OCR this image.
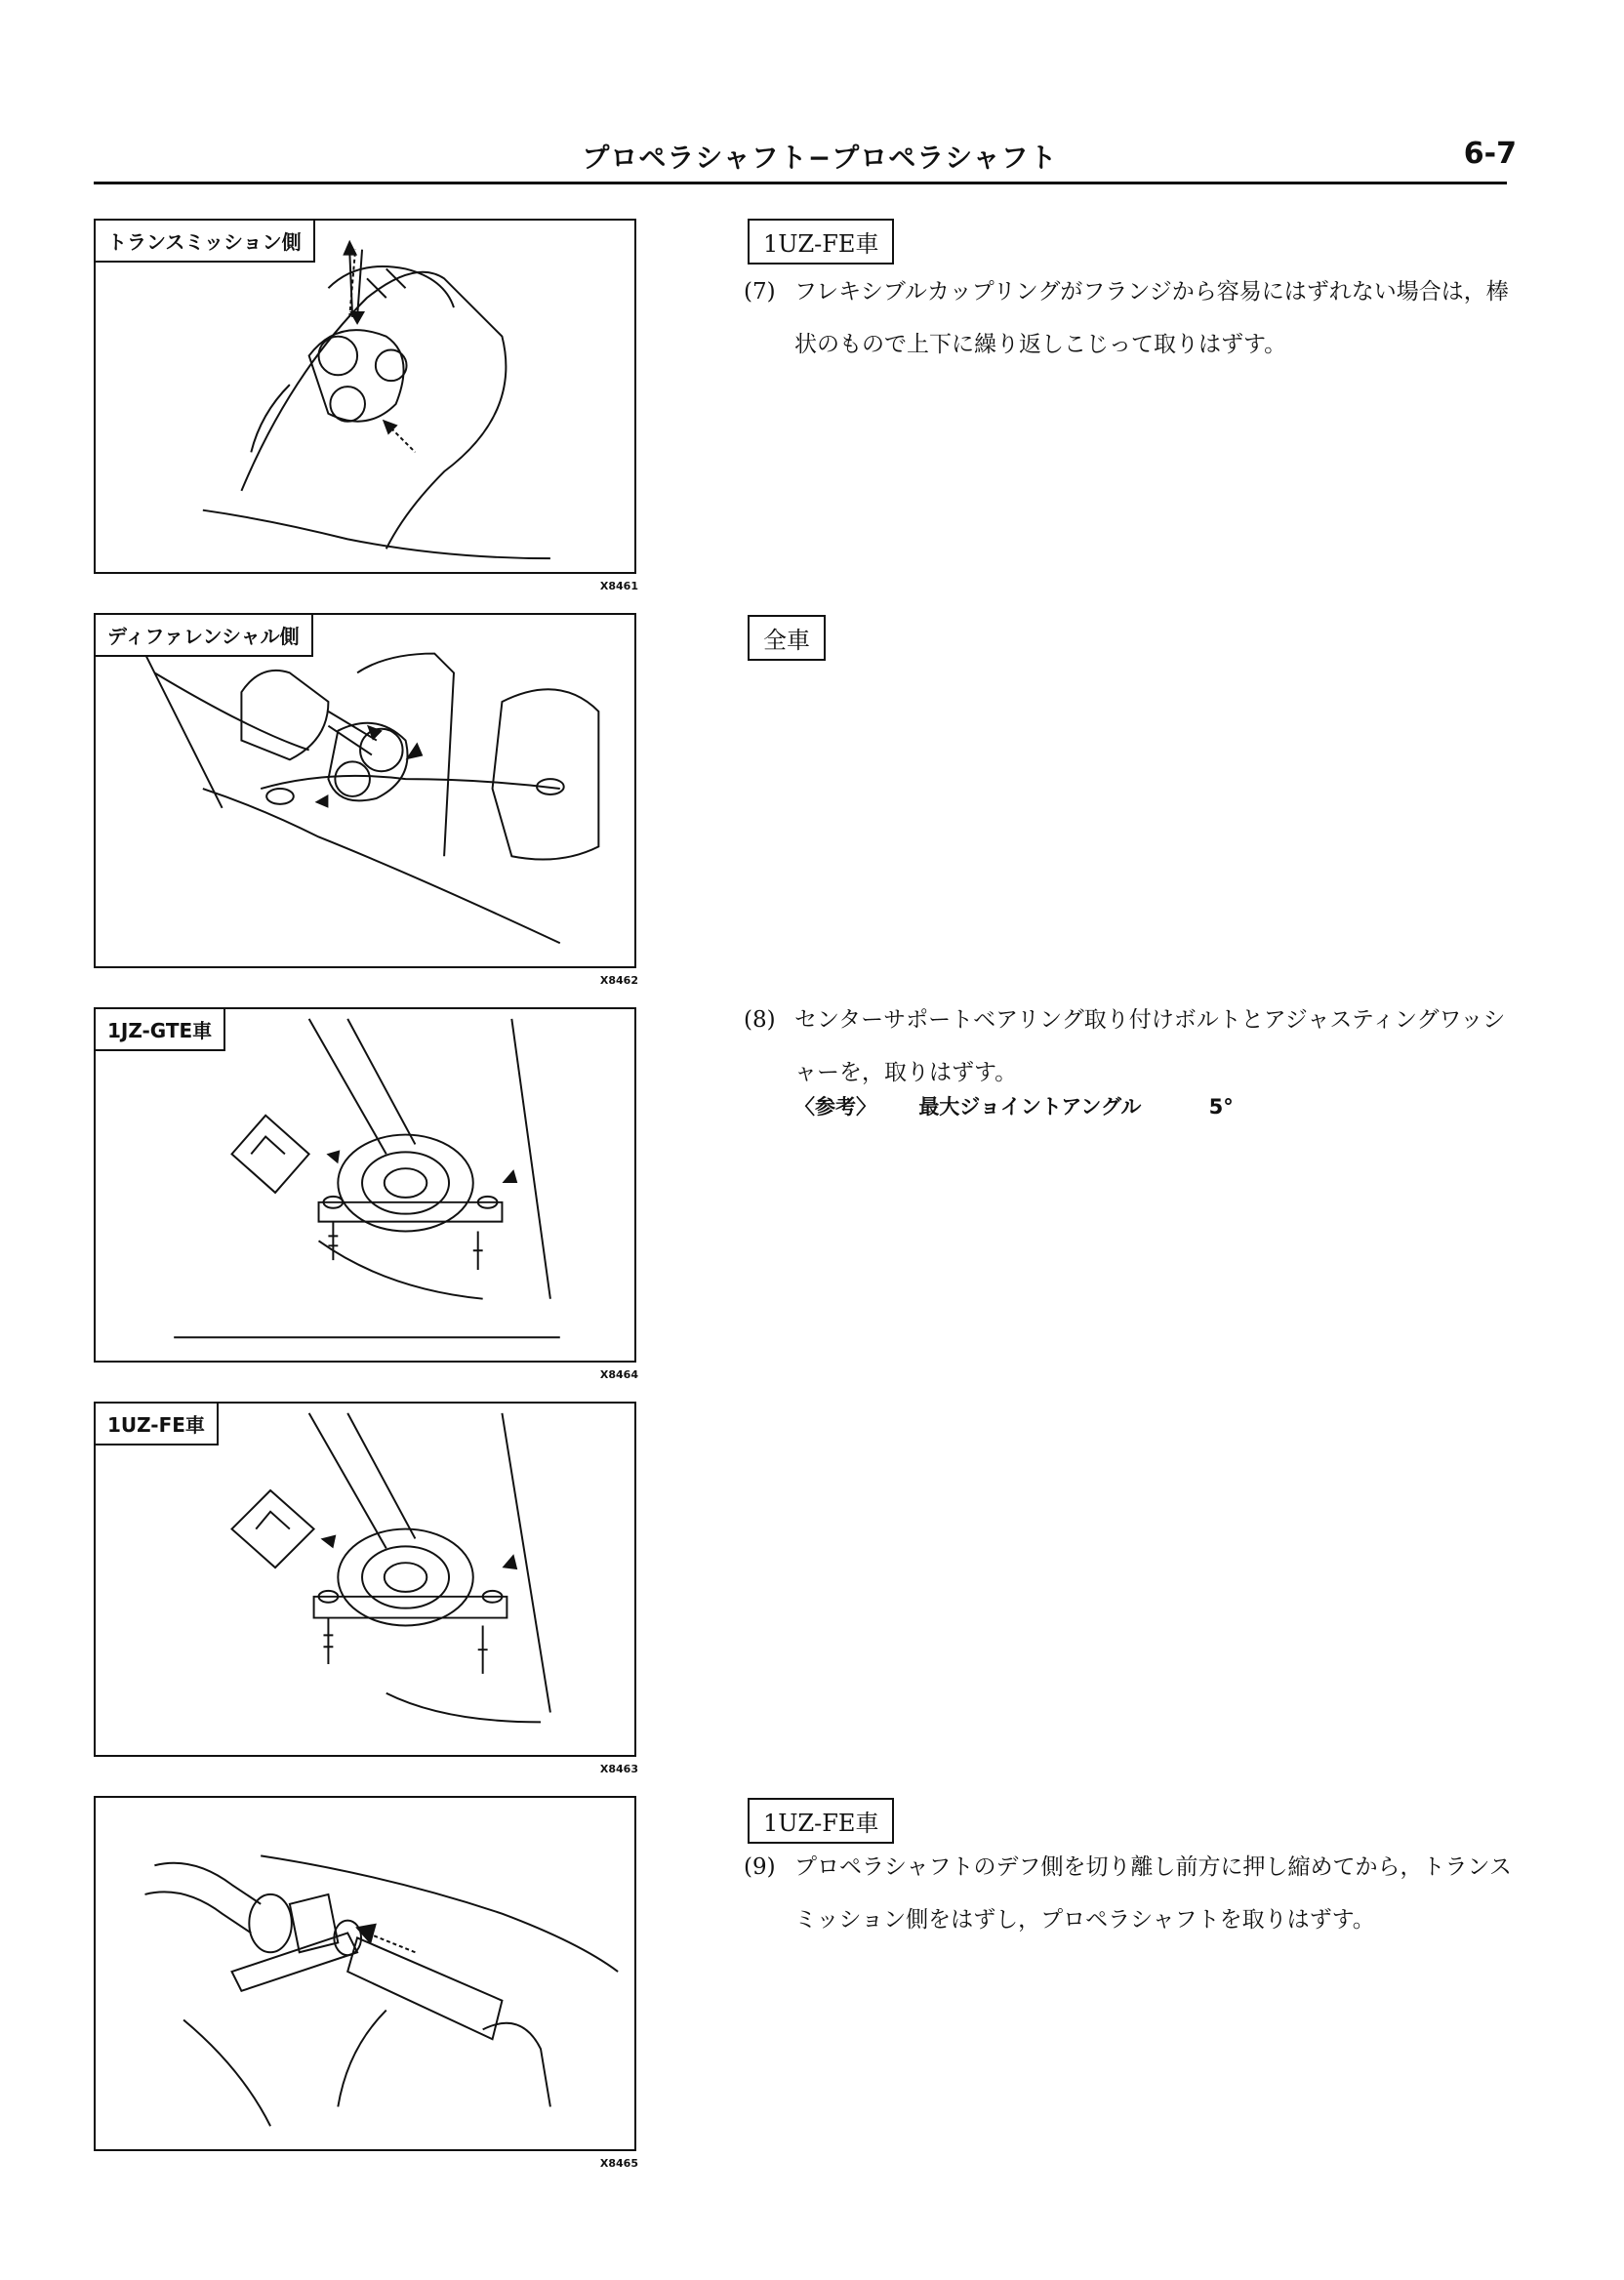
プロペラシャフト−プロペラシャフト	6-7
トランスミッション側
X8461
ディファレンシャル側
X8462
1JZ-GTE車
X8464
1UZ-FE車
X8463
X8465
1UZ-FE車
(7) フレキシブルカップリングがフランジから容易にはずれない場合は，棒状のもので上下に繰り返しこじって取りはずす。
全車
(8) センターサポートベアリング取り付けボルトとアジャスティングワッシャーを，取りはずす。
〈参考〉 最大ジョイントアングル	5°
1UZ-FE車
(9) プロペラシャフトのデフ側を切り離し前方に押し縮めてから，トランスミッション側をはずし，プロペラシャフトを取りはずす。
